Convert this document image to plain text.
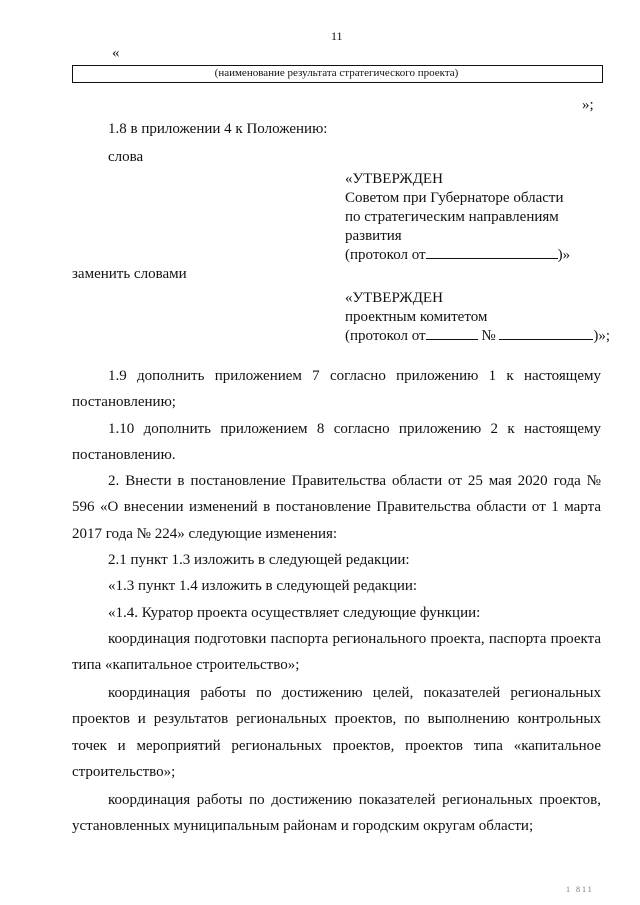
11
«
(наименование результата стратегического проекта)
»;
1.8 в приложении 4 к Положению:
слова
«УТВЕРЖДЕН
Советом при Губернаторе области
по стратегическим направлениям
развития
(протокол от	)»
заменить словами
«УТВЕРЖДЕН
проектным комитетом
(протокол от	№	)»;
1.9 дополнить приложением 7 согласно приложению 1 к настоящему постановлению;
1.10 дополнить приложением 8 согласно приложению 2 к настоящему постановлению.
2. Внести в постановление Правительства области от 25 мая 2020 года № 596 «О внесении изменений в постановление Правительства области от 1 марта 2017 года № 224» следующие изменения:
2.1 пункт 1.3 изложить в следующей редакции:
«1.3 пункт 1.4 изложить в следующей редакции:
«1.4. Куратор проекта осуществляет следующие функции:
координация подготовки паспорта регионального проекта, паспорта проекта типа «капитальное строительство»;
координация работы по достижению целей, показателей региональных проектов и результатов региональных проектов, по выполнению контрольных точек и мероприятий региональных проектов, проектов типа «капитальное строительство»;
координация работы по достижению показателей региональных проектов, установленных муниципальным районам и городским округам области;
1 811
